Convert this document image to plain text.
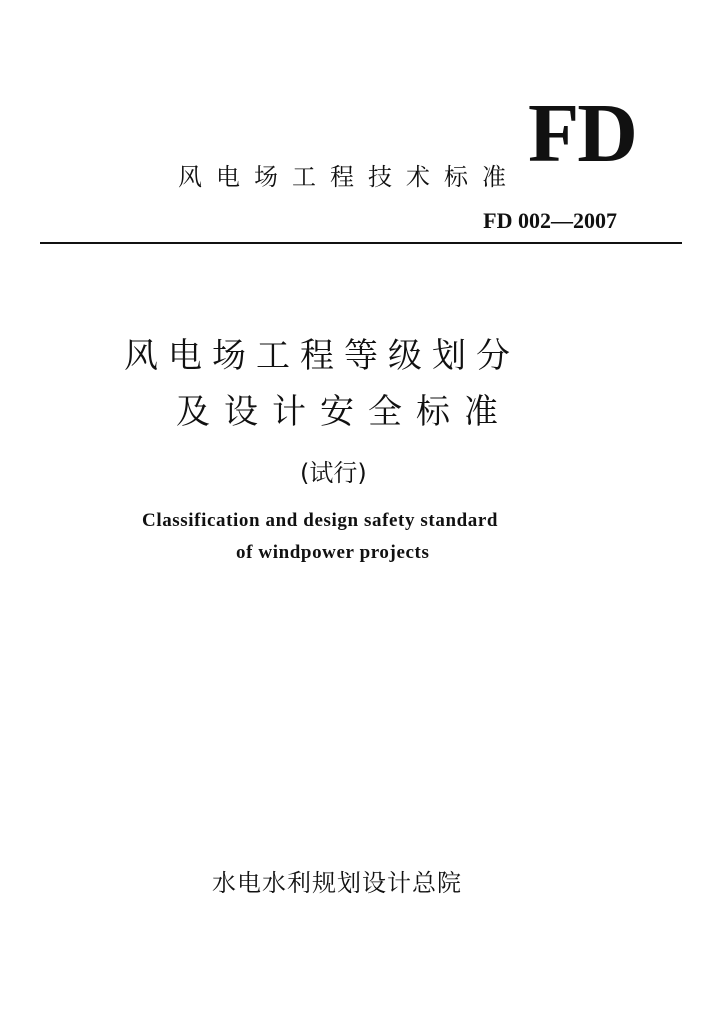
FD
风电场工程技术标准
FD 002—2007
风电场工程等级划分
及设计安全标准
(试行)
Classification and design safety standard
of windpower projects
水电水利规划设计总院
